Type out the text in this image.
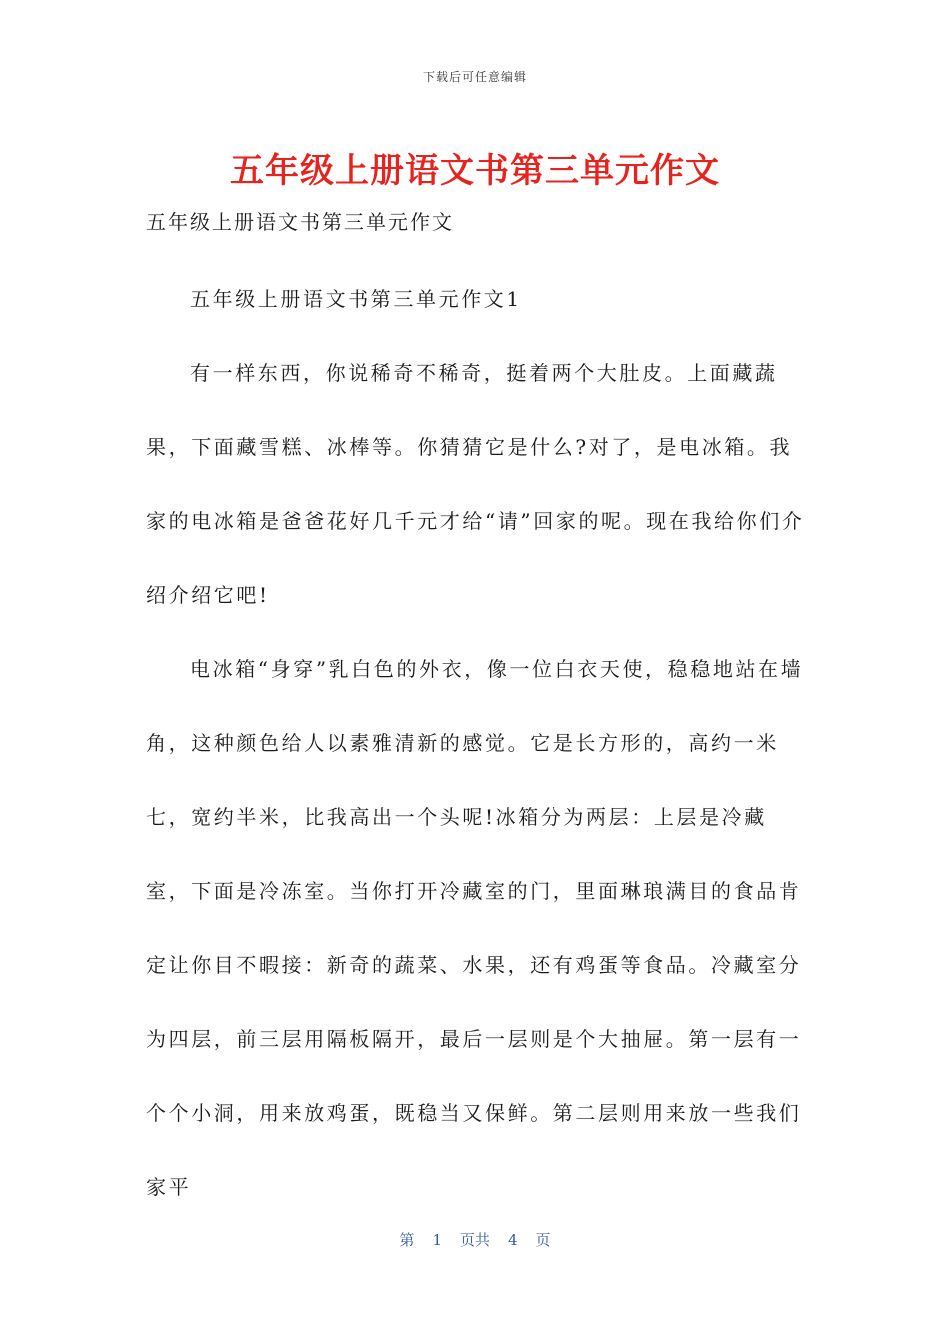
下载后可任意编辑
五年级上册语文书第三单元作文
五年级上册语文书第三单元作文

五年级上册语文书第三单元作文1

有一样东西，你说稀奇不稀奇，挺着两个大肚皮。上面藏蔬果，下面藏雪糕、冰棒等。你猜猜它是什么?对了，是电冰箱。我家的电冰箱是爸爸花好几千元才给“请”回家的呢。现在我给你们介绍介绍它吧!

电冰箱“身穿”乳白色的外衣，像一位白衣天使，稳稳地站在墙角，这种颜色给人以素雅清新的感觉。它是长方形的，高约一米七，宽约半米，比我高出一个头呢!冰箱分为两层：上层是冷藏室，下面是冷冻室。当你打开冷藏室的门，里面琳琅满目的食品肯定让你目不暇接：新奇的蔬菜、水果，还有鸡蛋等食品。冷藏室分为四层，前三层用隔板隔开，最后一层则是个大抽屉。第一层有一个个小洞，用来放鸡蛋，既稳当又保鲜。第二层则用来放一些我们家平

第 1 页共 4 页
